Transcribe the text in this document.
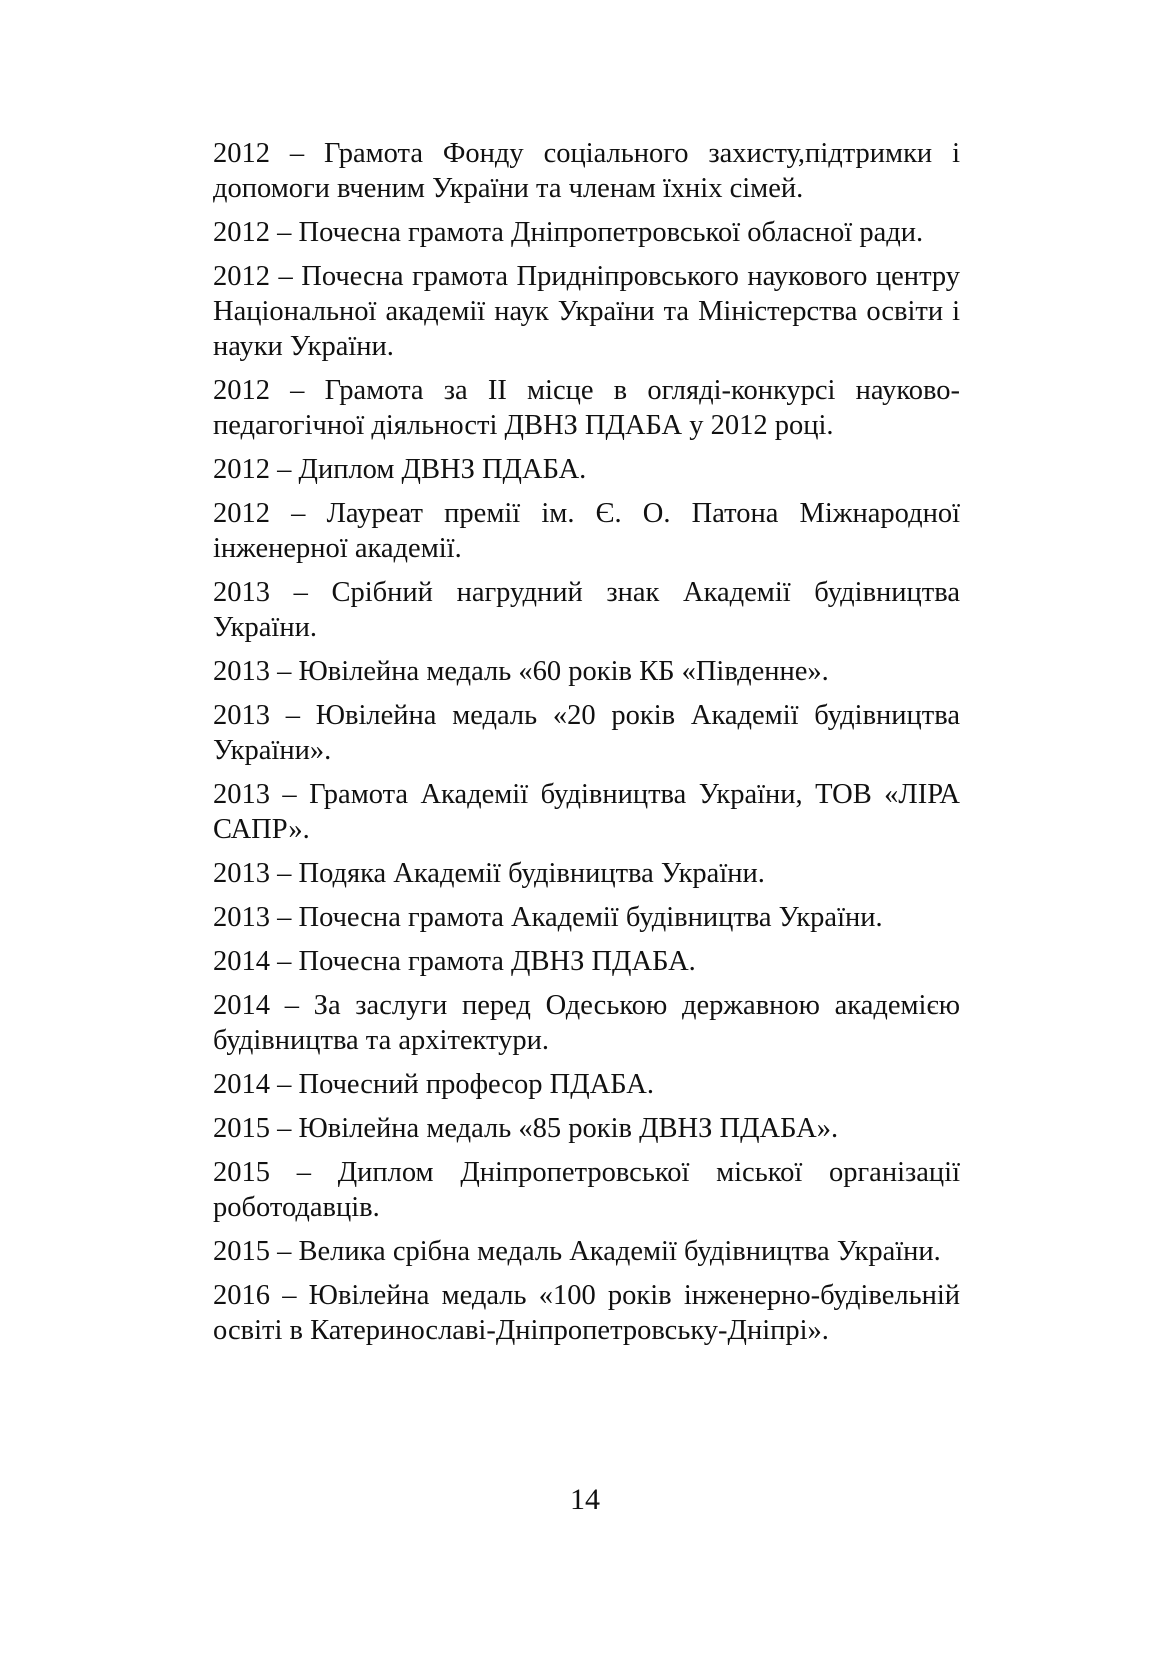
2012 – Грамота Фонду соціального захисту,підтримки і допомоги вченим України та членам їхніх сімей.

2012 – Почесна грамота Дніпропетровської обласної ради.

2012 – Почесна грамота Придніпровського наукового центру Національної академії наук України та Міністерства освіти і науки України.

2012 – Грамота за ІІ місце в огляді-конкурсі науково-педагогічної діяльності ДВНЗ ПДАБА у 2012 році.

2012 – Диплом ДВНЗ ПДАБА.

2012 – Лауреат премії ім. Є. О. Патона Міжнародної інженерної академії.

2013 – Срібний нагрудний знак Академії будівництва України.

2013 – Ювілейна медаль «60 років КБ «Південне».

2013 – Ювілейна медаль «20 років Академії будівництва України».

2013 – Грамота Академії будівництва України, ТОВ «ЛІРА САПР».

2013 – Подяка Академії будівництва України.

2013 – Почесна грамота Академії будівництва України.

2014 – Почесна грамота ДВНЗ ПДАБА.

2014 – За заслуги перед Одеською державною академією будівництва та архітектури.

2014 – Почесний професор ПДАБА.

2015 – Ювілейна медаль «85 років ДВНЗ ПДАБА».

2015 – Диплом Дніпропетровської міської організації роботодавців.

2015 – Велика срібна медаль Академії будівництва України.

2016 – Ювілейна медаль «100 років інженерно-будівельній освіті в Катеринославі-Дніпропетровську-Дніпрі».

14
